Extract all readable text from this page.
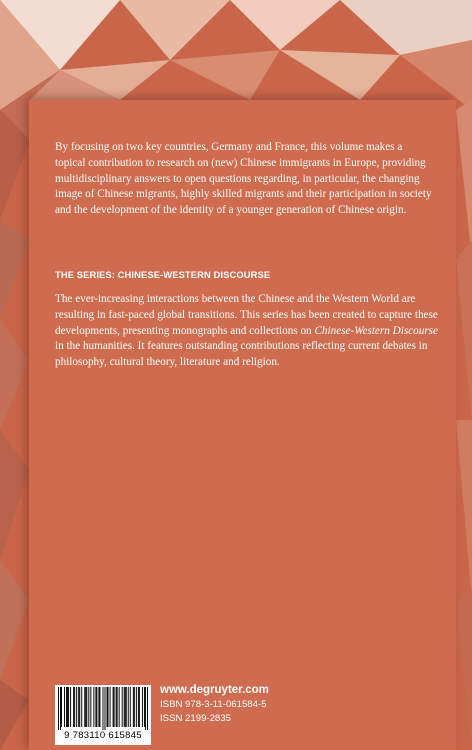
By focusing on two key countries, Germany and France, this volume makes a topical contribution to research on (new) Chinese immigrants in Europe, providing multidisciplinary answers to open questions regarding, in particular, the changing image of Chinese migrants, highly skilled migrants and their participation in society and the development of the identity of a younger generation of Chinese origin.

THE SERIES: CHINESE-WESTERN DISCOURSE

The ever-increasing interactions between the Chinese and the Western World are resulting in fast-paced global transitions. This series has been created to capture these developments, presenting monographs and collections on Chinese-Western Discourse in the humanities. It features outstanding contributions reflecting current debates in philosophy, cultural theory, literature and religion.

9 783110 615845
www.degruyter.com
ISBN 978-3-11-061584-5
ISSN 2199-2835
